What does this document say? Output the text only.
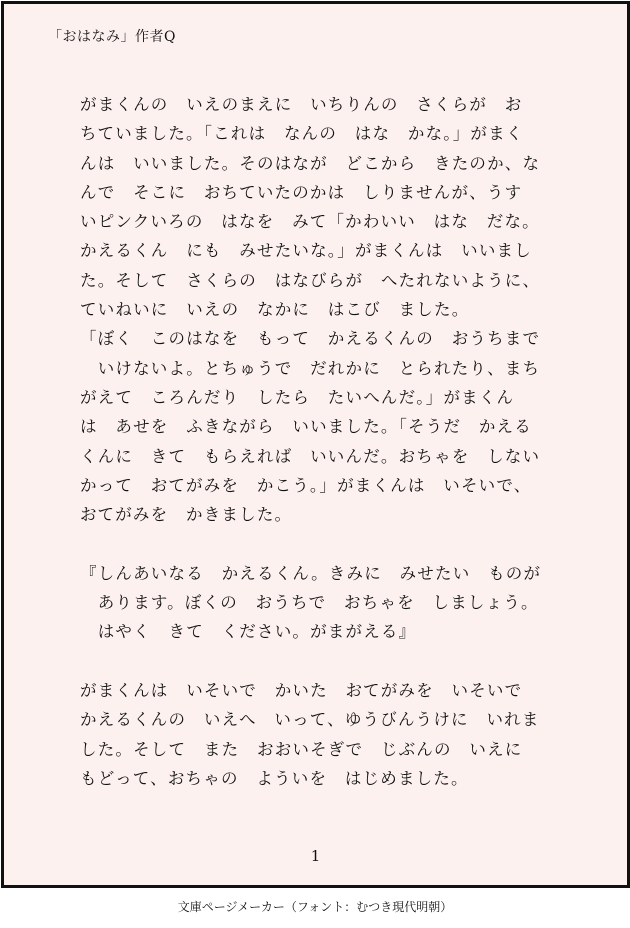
「おはなみ」作者Q
がまくんの　いえのまえに　いちりんの　さくらが　お
ちていました。「これは　なんの　はな　かな。」がまく
んは　いいました。そのはなが　どこから　きたのか、な
んで　そこに　おちていたのかは　しりませんが、うす
いピンクいろの　はなを　みて「かわいい　はな　だな。
かえるくん　にも　みせたいな。」がまくんは　いいまし
た。そして　さくらの　はなびらが　へたれないように、
ていねいに　いえの　なかに　はこび　ました。
「ぼく　このはなを　もって　かえるくんの　おうちまで
　いけないよ。とちゅうで　だれかに　とられたり、まち
がえて　ころんだり　したら　たいへんだ。」がまくん
は　あせを　ふきながら　いいました。「そうだ　かえる
くんに　きて　もらえれば　いいんだ。おちゃを　しない
かって　おてがみを　かこう。」がまくんは　いそいで、
おてがみを　かきました。
『しんあいなる　かえるくん。きみに　みせたい　ものが
　あります。ぼくの　おうちで　おちゃを　しましょう。
　はやく　きて　ください。がまがえる』
がまくんは　いそいで　かいた　おてがみを　いそいで
かえるくんの　いえへ　いって、ゆうびんうけに　いれま
した。そして　また　おおいそぎで　じぶんの　いえに
もどって、おちゃの　よういを　はじめました。
1
文庫ページメーカー（フォント：むつき現代明朝）
